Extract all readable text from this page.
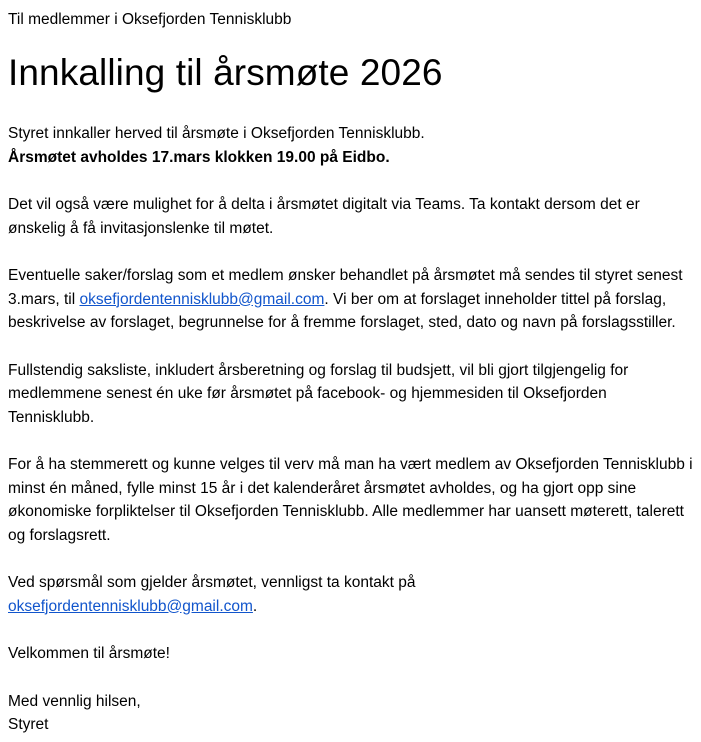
Til medlemmer i Oksefjorden Tennisklubb

Innkalling til årsmøte 2026

Styret innkaller herved til årsmøte i Oksefjorden Tennisklubb.
Årsmøtet avholdes 17.mars klokken 19.00 på Eidbo.

Det vil også være mulighet for å delta i årsmøtet digitalt via Teams. Ta kontakt dersom det er ønskelig å få invitasjonslenke til møtet.

Eventuelle saker/forslag som et medlem ønsker behandlet på årsmøtet må sendes til styret senest 3.mars, til oksefjordentennisklubb@gmail.com. Vi ber om at forslaget inneholder tittel på forslag, beskrivelse av forslaget, begrunnelse for å fremme forslaget, sted, dato og navn på forslagsstiller.

Fullstendig saksliste, inkludert årsberetning og forslag til budsjett, vil bli gjort tilgjengelig for medlemmene senest én uke før årsmøtet på facebook- og hjemmesiden til Oksefjorden Tennisklubb.

For å ha stemmerett og kunne velges til verv må man ha vært medlem av Oksefjorden Tennisklubb i minst én måned, fylle minst 15 år i det kalenderåret årsmøtet avholdes, og ha gjort opp sine økonomiske forpliktelser til Oksefjorden Tennisklubb. Alle medlemmer har uansett møterett, talerett og forslagsrett.

Ved spørsmål som gjelder årsmøtet, vennligst ta kontakt på
oksefjordentennisklubb@gmail.com.

Velkommen til årsmøte!

Med vennlig hilsen,
Styret
